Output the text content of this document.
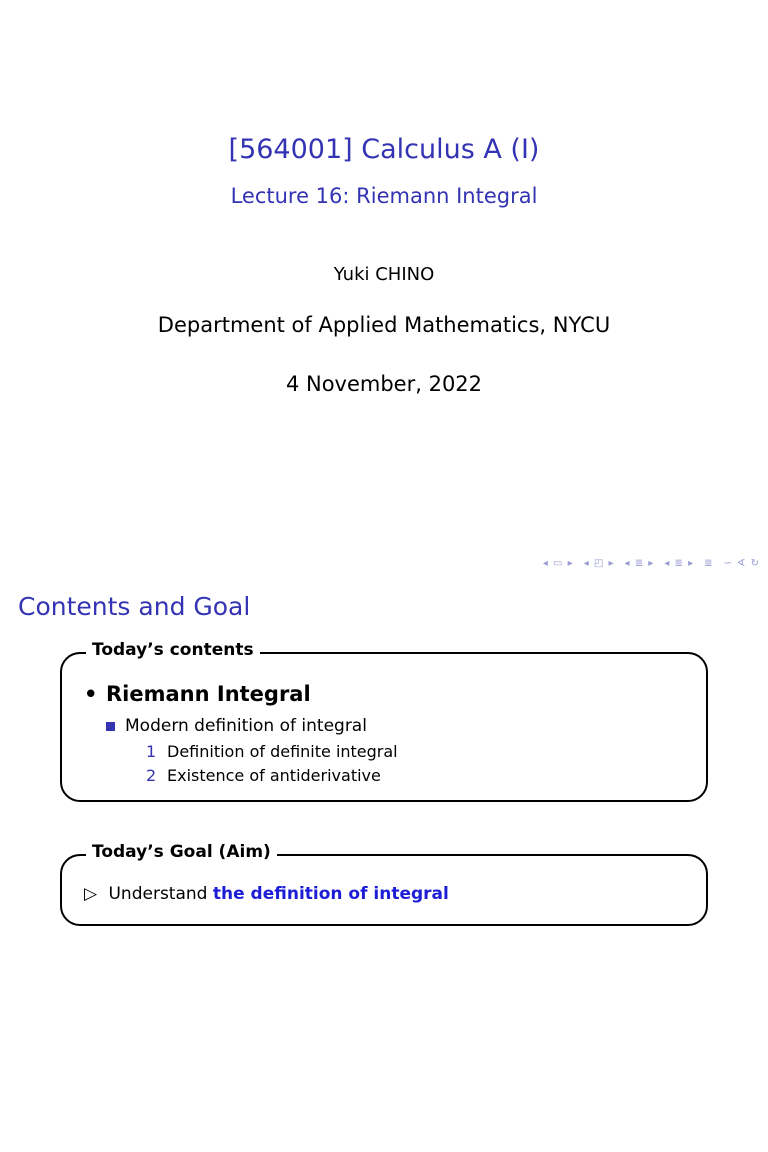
[564001] Calculus A (I)
Lecture 16: Riemann Integral
Yuki CHINO
Department of Applied Mathematics, NYCU
4 November, 2022
◂ ▭ ▸ ◂ ◰ ▸ ◂ ≣ ▸ ◂ ≣ ▸ ≣ ∽ ∢ ↻
Contents and Goal
Today’s contents
• Riemann Integral
Modern definition of integral
1 Definition of definite integral
2 Existence of antiderivative
Today’s Goal (Aim)
▷ Understand the definition of integral
